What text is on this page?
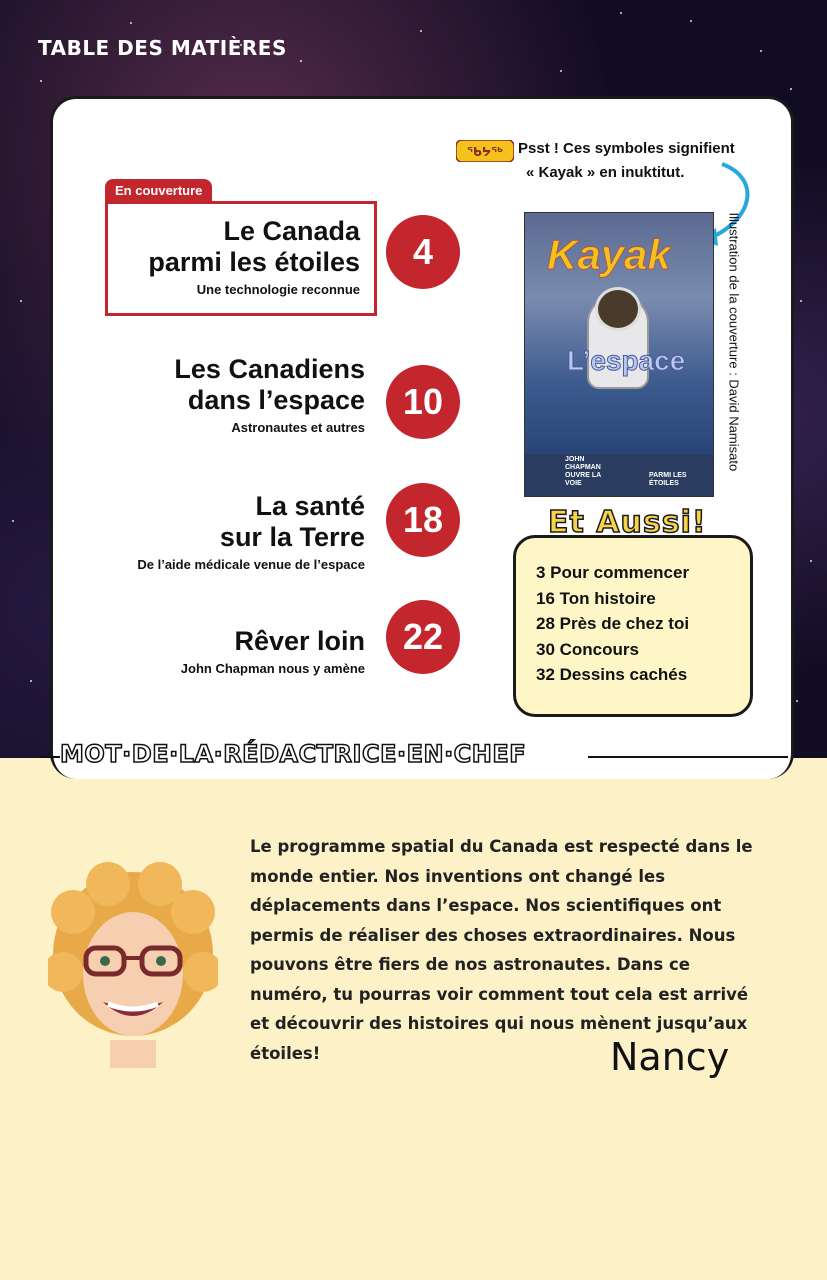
TABLE DES MATIÈRES
En couverture
Le Canada
parmi les étoiles
Une technologie reconnue
4
Les Canadiens
dans l’espace
Astronautes et autres
10
La santé
sur la Terre
De l’aide médicale venue de l’espace
18
Rêver loin
John Chapman nous y amène
22
ᖃᔭᖅ Psst ! Ces symboles signifient
« Kayak » en inuktitut.
Kayak
L’espace
JOHN CHAPMAN OUVRE LA VOIE
PARMI LES ÉTOILES
Illustration de la couverture : David Namisato
3 Pour commencer
16 Ton histoire
28 Près de chez toi
30 Concours
32 Dessins cachés
Et Aussi!
MOT·DE·LA·RÉDACTRICE·EN·CHEF
Le programme spatial du Canada est respecté dans le monde entier. Nos inventions ont changé les déplacements dans l’espace. Nos scientifiques ont permis de réaliser des choses extraordinaires. Nous pouvons être fiers de nos astronautes. Dans ce numéro, tu pourras voir comment tout cela est arrivé et découvrir des histoires qui nous mènent jusqu’aux étoiles!	Nancy
